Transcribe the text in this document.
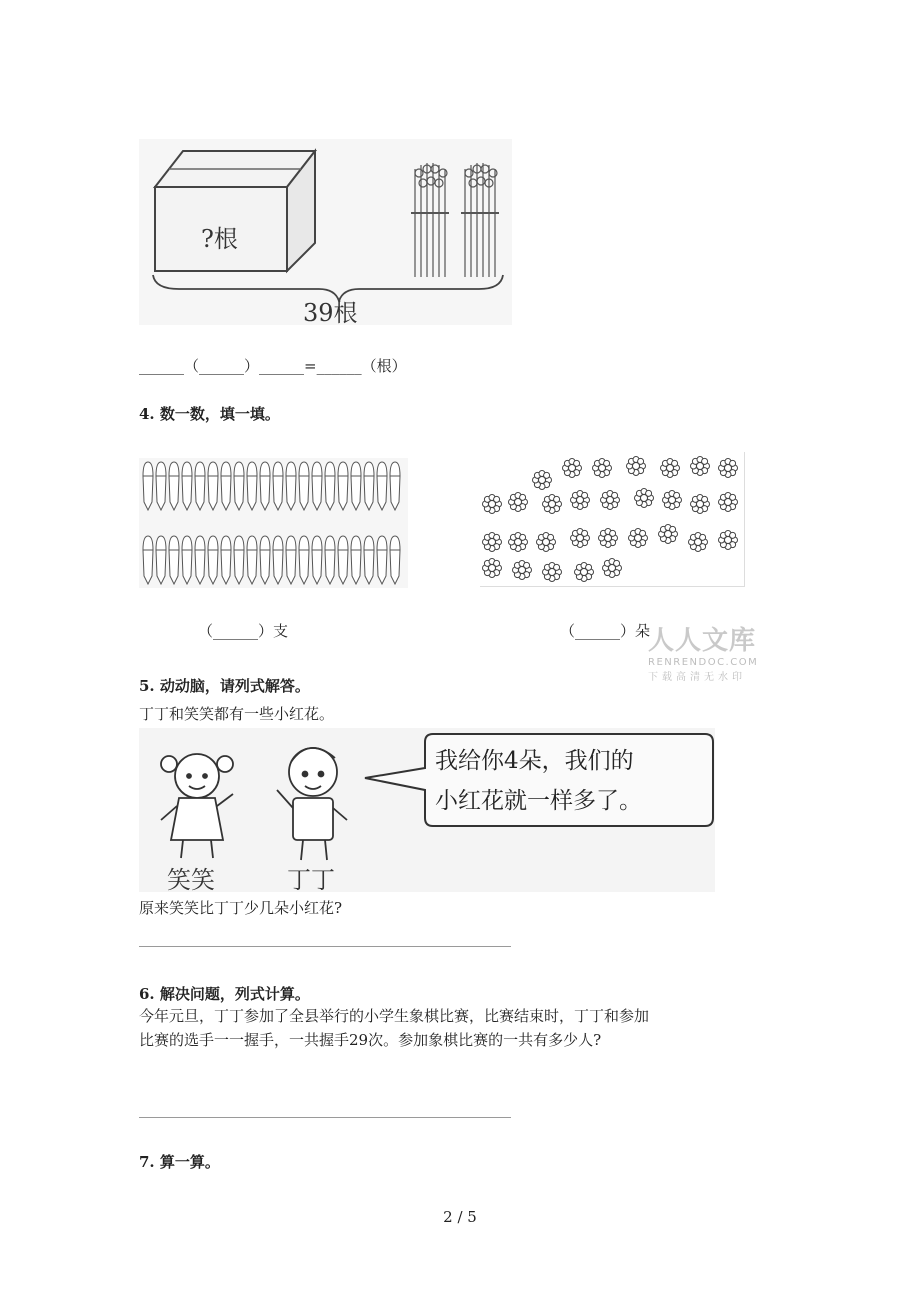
?根
39根
______（______）______=______（根）
4. 数一数，填一填。
（______）支	（______）朵
人人文库
RENRENDOC.COM
下载高清无水印
5. 动动脑，请列式解答。
丁丁和笑笑都有一些小红花。
笑笑	丁丁
我给你4朵，我们的
小红花就一样多了。
原来笑笑比丁丁少几朵小红花?
6. 解决问题，列式计算。
今年元旦，丁丁参加了全县举行的小学生象棋比赛，比赛结束时，丁丁和参加
比赛的选手一一握手，一共握手29次。参加象棋比赛的一共有多少人?
7. 算一算。
2 / 5
